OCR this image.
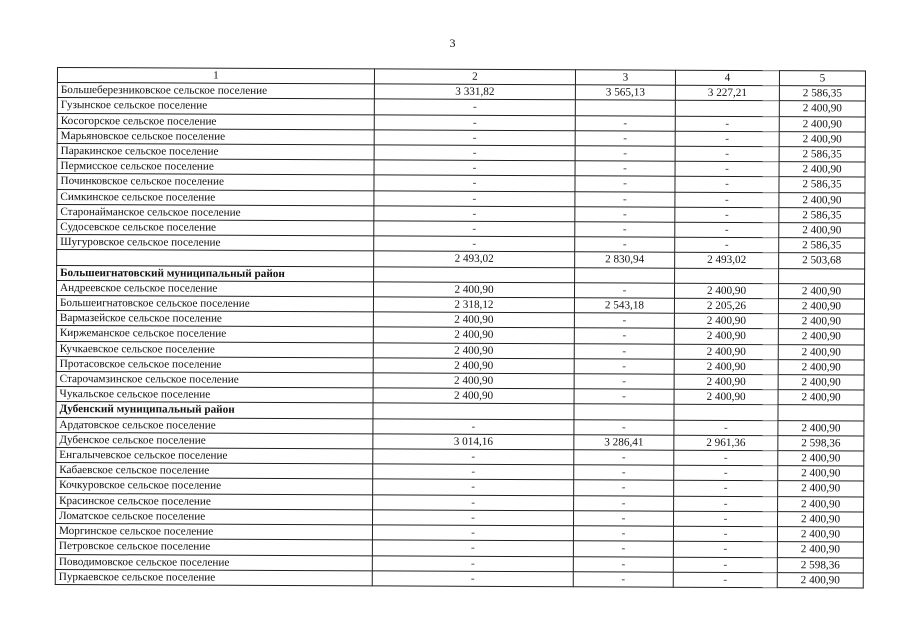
3
1	2	3	4	5
Большеберезниковское сельское поселение	3 331,82	3 565,13	3 227,21	2 586,35
Гузынское сельское поселение	-			2 400,90
Косогорское сельское поселение	-	-	-	2 400,90
Марьяновское сельское поселение	-	-	-	2 400,90
Паракинское сельское поселение	-	-	-	2 586,35
Пермисское сельское поселение	-	-	-	2 400,90
Починковское сельское поселение	-	-	-	2 586,35
Симкинское сельское поселение	-	-	-	2 400,90
Старонайманское сельское поселение	-	-	-	2 586,35
Судосевское сельское поселение	-	-	-	2 400,90
Шугуровское сельское поселение	-	-	-	2 586,35
	2 493,02	2 830,94	2 493,02	2 503,68
Большеигнатовский муниципальный район				
Андреевское сельское поселение	2 400,90	-	2 400,90	2 400,90
Большеигнатовское сельское поселение	2 318,12	2 543,18	2 205,26	2 400,90
Вармазейское сельское поселение	2 400,90	-	2 400,90	2 400,90
Киржеманское сельское поселение	2 400,90	-	2 400,90	2 400,90
Кучкаевское сельское поселение	2 400,90	-	2 400,90	2 400,90
Протасовское сельское поселение	2 400,90	-	2 400,90	2 400,90
Старочамзинское сельское поселение	2 400,90	-	2 400,90	2 400,90
Чукальское сельское поселение	2 400,90	-	2 400,90	2 400,90
Дубенский муниципальный район				
Ардатовское сельское поселение	-	-	-	2 400,90
Дубенское сельское поселение	3 014,16	3 286,41	2 961,36	2 598,36
Енгалычевское сельское поселение	-	-	-	2 400,90
Кабаевское сельское поселение	-	-	-	2 400,90
Кочкуровское сельское поселение	-	-	-	2 400,90
Красинское сельское поселение	-	-	-	2 400,90
Ломатское сельское поселение	-	-	-	2 400,90
Моргинское сельское поселение	-	-	-	2 400,90
Петровское сельское поселение	-	-	-	2 400,90
Поводимовское сельское поселение	-	-	-	2 598,36
Пуркаевское сельское поселение	-	-	-	2 400,90
